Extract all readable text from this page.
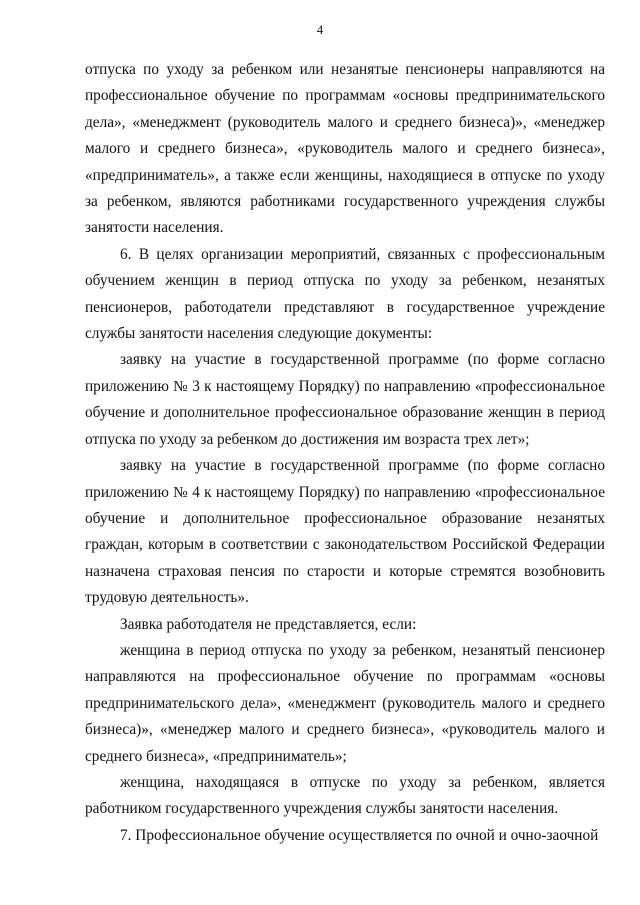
4

отпуска по уходу за ребенком или незанятые пенсионеры направляются на профессиональное обучение по программам «основы предпринимательского дела», «менеджмент (руководитель малого и среднего бизнеса)», «менеджер малого и среднего бизнеса», «руководитель малого и среднего бизнеса», «предприниматель», а также если женщины, находящиеся в отпуске по уходу за ребенком, являются работниками государственного учреждения службы занятости населения.

6. В целях организации мероприятий, связанных с профессиональным обучением женщин в период отпуска по уходу за ребенком, незанятых пенсионеров, работодатели представляют в государственное учреждение службы занятости населения следующие документы:

заявку на участие в государственной программе (по форме согласно приложению № 3 к настоящему Порядку) по направлению «профессиональное обучение и дополнительное профессиональное образование женщин в период отпуска по уходу за ребенком до достижения им возраста трех лет»;

заявку на участие в государственной программе (по форме согласно приложению № 4 к настоящему Порядку) по направлению «профессиональное обучение и дополнительное профессиональное образование незанятых граждан, которым в соответствии с законодательством Российской Федерации назначена страховая пенсия по старости и которые стремятся возобновить трудовую деятельность».

Заявка работодателя не представляется, если:

женщина в период отпуска по уходу за ребенком, незанятый пенсионер направляются на профессиональное обучение по программам «основы предпринимательского дела», «менеджмент (руководитель малого и среднего бизнеса)», «менеджер малого и среднего бизнеса», «руководитель малого и среднего бизнеса», «предприниматель»;

женщина, находящаяся в отпуске по уходу за ребенком, является работником государственного учреждения службы занятости населения.

7. Профессиональное обучение осуществляется по очной и очно-заочной
